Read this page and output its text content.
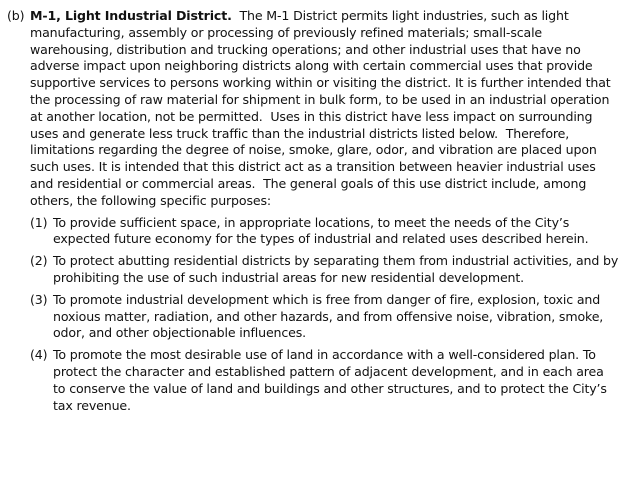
(b) M-1, Light Industrial District.  The M-1 District permits light industries, such as light manufacturing, assembly or processing of previously refined materials; small-scale warehousing, distribution and trucking operations; and other industrial uses that have no adverse impact upon neighboring districts along with certain commercial uses that provide supportive services to persons working within or visiting the district. It is further intended that the processing of raw material for shipment in bulk form, to be used in an industrial operation at another location, not be permitted.  Uses in this district have less impact on surrounding uses and generate less truck traffic than the industrial districts listed below.  Therefore, limitations regarding the degree of noise, smoke, glare, odor, and vibration are placed upon such uses. It is intended that this district act as a transition between heavier industrial uses and residential or commercial areas.  The general goals of this use district include, among others, the following specific purposes:
(1) To provide sufficient space, in appropriate locations, to meet the needs of the City’s expected future economy for the types of industrial and related uses described herein.
(2) To protect abutting residential districts by separating them from industrial activities, and by prohibiting the use of such industrial areas for new residential development.
(3) To promote industrial development which is free from danger of fire, explosion, toxic and noxious matter, radiation, and other hazards, and from offensive noise, vibration, smoke, odor, and other objectionable influences.
(4) To promote the most desirable use of land in accordance with a well-considered plan. To protect the character and established pattern of adjacent development, and in each area to conserve the value of land and buildings and other structures, and to protect the City’s tax revenue.
